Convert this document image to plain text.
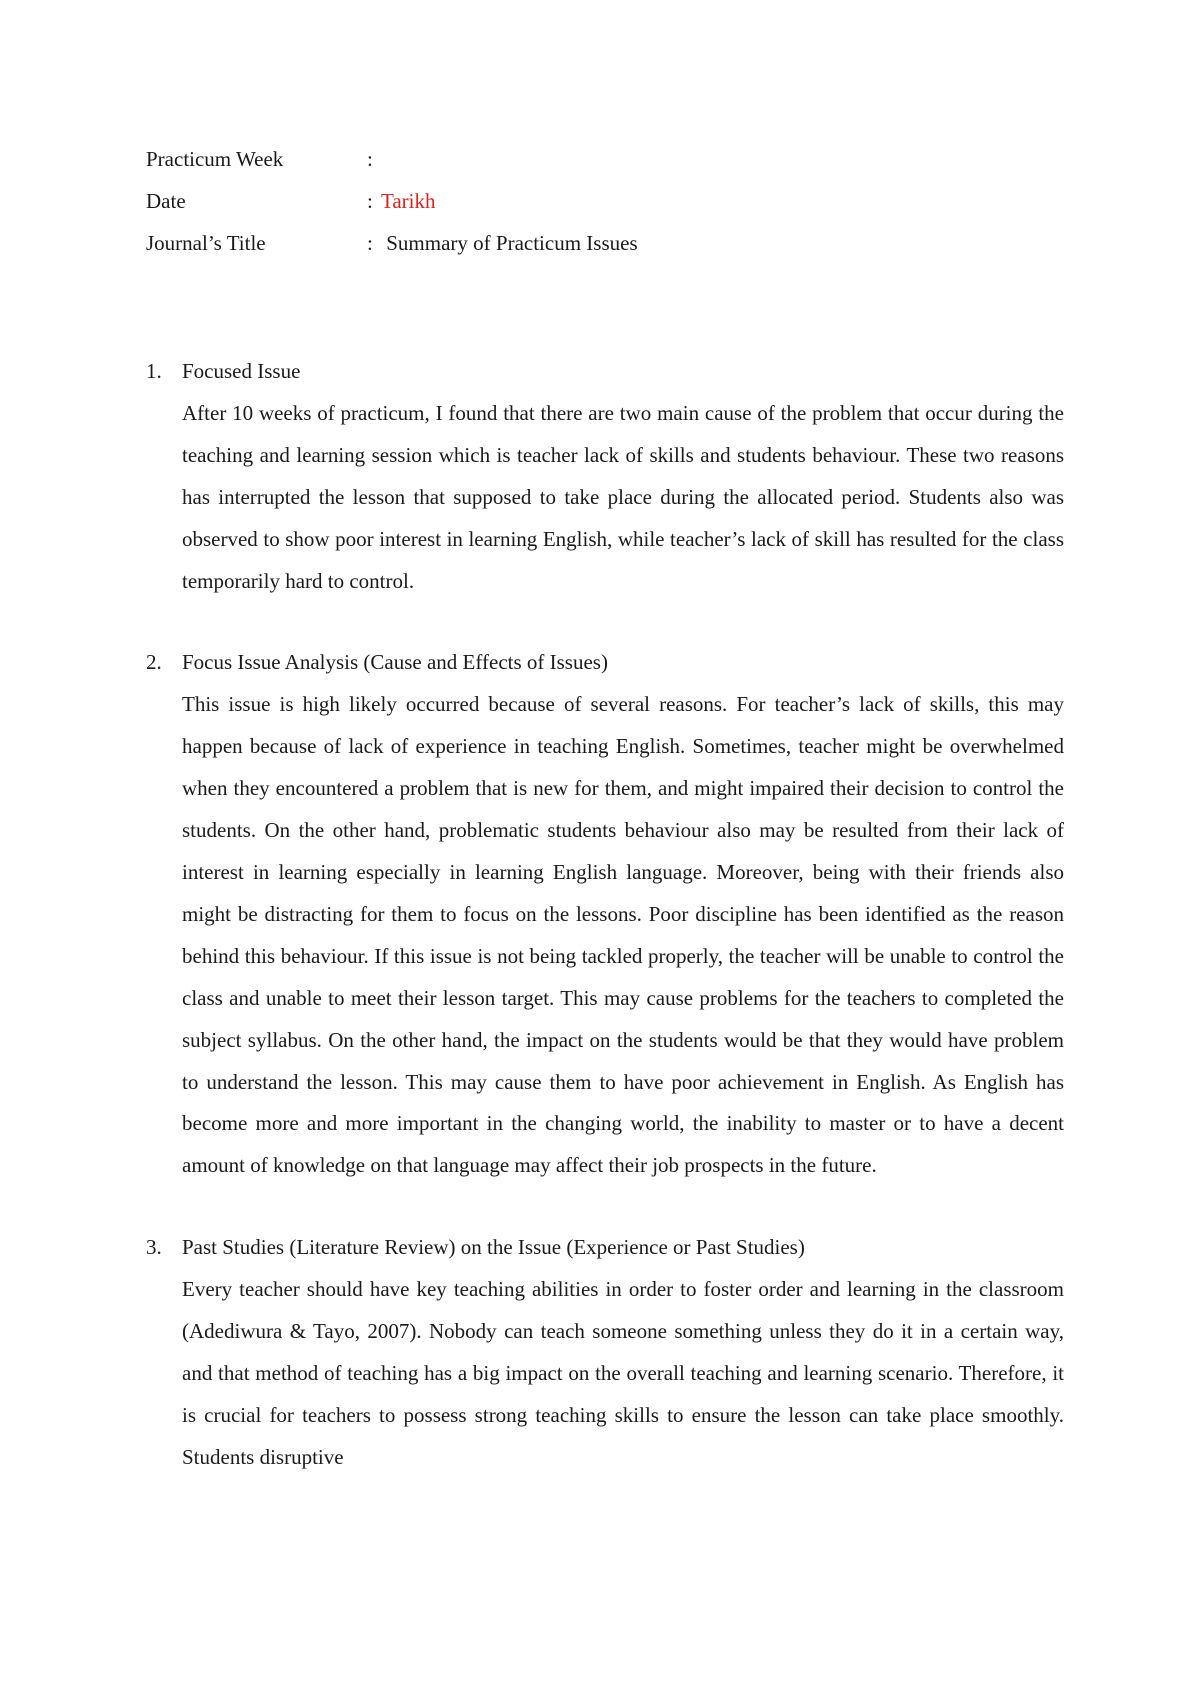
Practicum Week	:
Date	: Tarikh
Journal’s Title	: Summary of Practicum Issues
1. Focused Issue

After 10 weeks of practicum, I found that there are two main cause of the problem that occur during the teaching and learning session which is teacher lack of skills and students behaviour. These two reasons has interrupted the lesson that supposed to take place during the allocated period. Students also was observed to show poor interest in learning English, while teacher’s lack of skill has resulted for the class temporarily hard to control.

2. Focus Issue Analysis (Cause and Effects of Issues)

This issue is high likely occurred because of several reasons. For teacher’s lack of skills, this may happen because of lack of experience in teaching English. Sometimes, teacher might be overwhelmed when they encountered a problem that is new for them, and might impaired their decision to control the students. On the other hand, problematic students behaviour also may be resulted from their lack of interest in learning especially in learning English language. Moreover, being with their friends also might be distracting for them to focus on the lessons. Poor discipline has been identified as the reason behind this behaviour. If this issue is not being tackled properly, the teacher will be unable to control the class and unable to meet their lesson target. This may cause problems for the teachers to completed the subject syllabus. On the other hand, the impact on the students would be that they would have problem to understand the lesson. This may cause them to have poor achievement in English. As English has become more and more important in the changing world, the inability to master or to have a decent amount of knowledge on that language may affect their job prospects in the future.

3. Past Studies (Literature Review) on the Issue (Experience or Past Studies)

Every teacher should have key teaching abilities in order to foster order and learning in the classroom (Adediwura & Tayo, 2007). Nobody can teach someone something unless they do it in a certain way, and that method of teaching has a big impact on the overall teaching and learning scenario. Therefore, it is crucial for teachers to possess strong teaching skills to ensure the lesson can take place smoothly. Students disruptive
